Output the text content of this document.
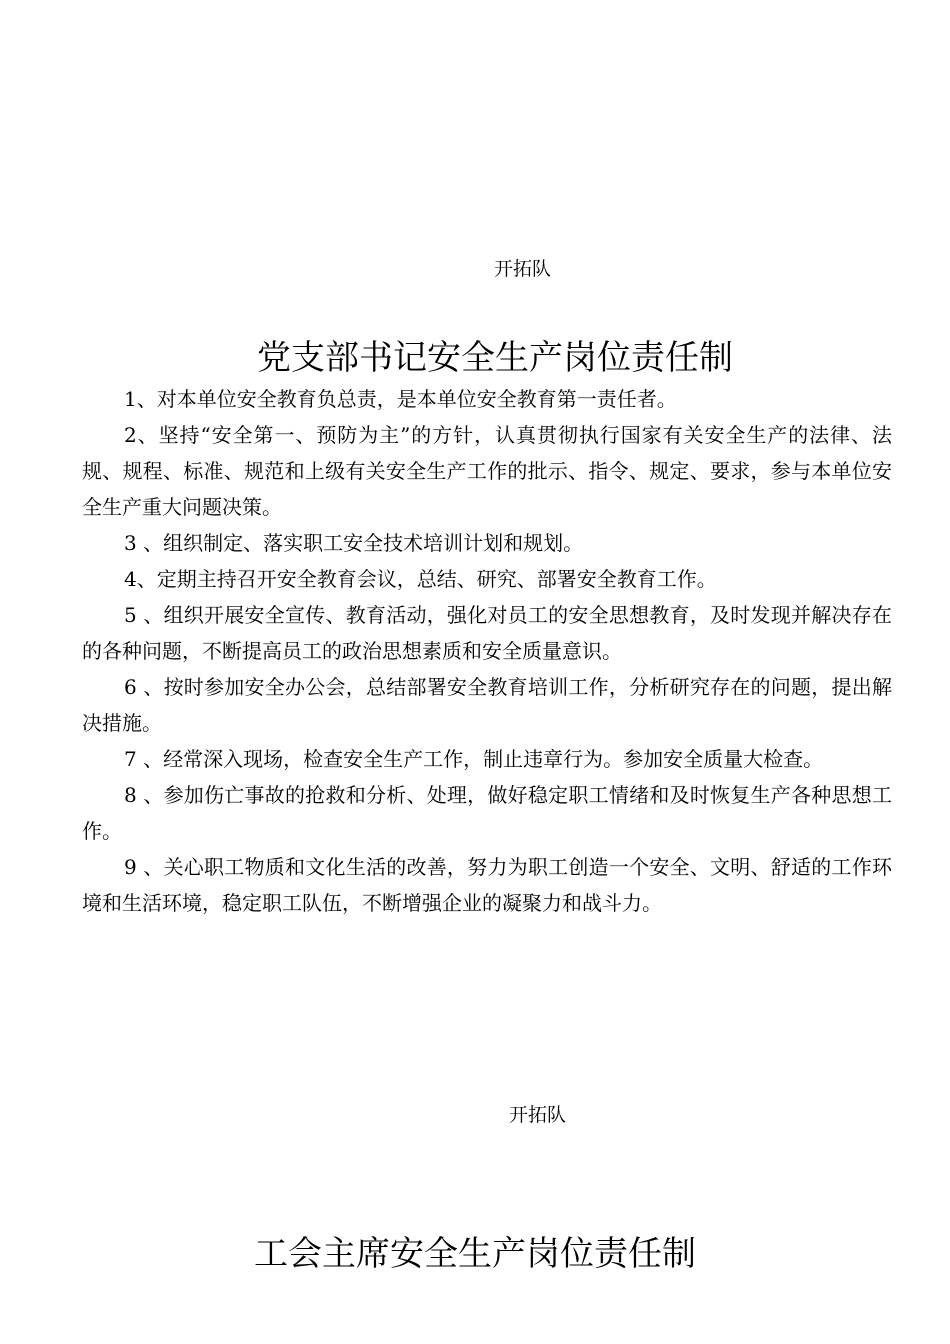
开拓队
党支部书记安全生产岗位责任制

1、对本单位安全教育负总责，是本单位安全教育第一责任者。

2、坚持“安全第一、预防为主”的方针，认真贯彻执行国家有关安全生产的法律、法规、规程、标准、规范和上级有关安全生产工作的批示、指令、规定、要求，参与本单位安全生产重大问题决策。

3 、组织制定、落实职工安全技术培训计划和规划。

4、定期主持召开安全教育会议，总结、研究、部署安全教育工作。

5 、组织开展安全宣传、教育活动，强化对员工的安全思想教育，及时发现并解决存在的各种问题，不断提高员工的政治思想素质和安全质量意识。

6 、按时参加安全办公会，总结部署安全教育培训工作，分析研究存在的问题，提出解决措施。

7 、经常深入现场，检查安全生产工作，制止违章行为。参加安全质量大检查。

8 、参加伤亡事故的抢救和分析、处理，做好稳定职工情绪和及时恢复生产各种思想工作。

9 、关心职工物质和文化生活的改善，努力为职工创造一个安全、文明、舒适的工作环境和生活环境，稳定职工队伍，不断增强企业的凝聚力和战斗力。

开拓队
工会主席安全生产岗位责任制
